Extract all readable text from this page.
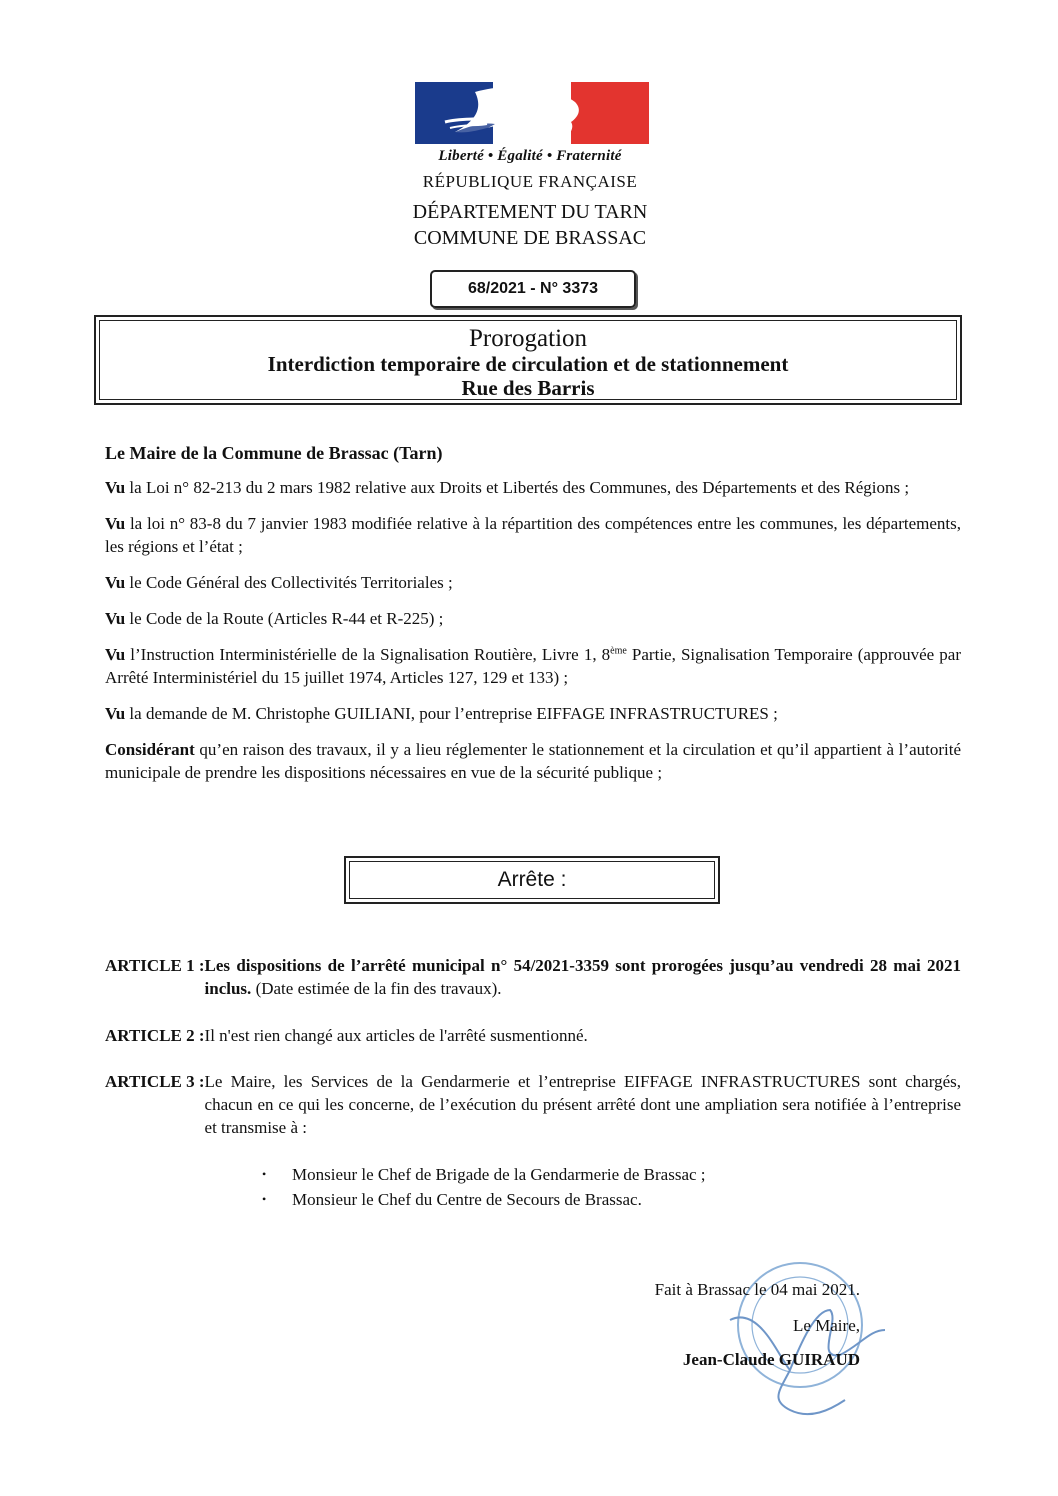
Liberté • Égalité • Fraternité
RÉPUBLIQUE FRANÇAISE
DÉPARTEMENT DU TARN
COMMUNE DE BRASSAC
68/2021 - N° 3373
Prorogation
Interdiction temporaire de circulation et de stationnement
Rue des Barris
Le Maire de la Commune de Brassac (Tarn)

Vu la Loi n° 82-213 du 2 mars 1982 relative aux Droits et Libertés des Communes, des Départements et des Régions ;

Vu la loi n° 83-8 du 7 janvier 1983 modifiée relative à la répartition des compétences entre les communes, les départements, les régions et l’état ;

Vu le Code Général des Collectivités Territoriales ;

Vu le Code de la Route (Articles R-44 et R-225) ;

Vu l’Instruction Interministérielle de la Signalisation Routière, Livre 1, 8ème Partie, Signalisation Temporaire (approuvée par Arrêté Interministériel du 15 juillet 1974, Articles 127, 129 et 133) ;

Vu la demande de M. Christophe GUILIANI, pour l’entreprise EIFFAGE INFRASTRUCTURES ;

Considérant qu’en raison des travaux, il y a lieu réglementer le stationnement et la circulation et qu’il appartient à l’autorité municipale de prendre les dispositions nécessaires en vue de la sécurité publique ;

Arrête :
ARTICLE 1 : Les dispositions de l’arrêté municipal n° 54/2021-3359 sont prorogées jusqu’au vendredi 28 mai 2021 inclus. (Date estimée de la fin des travaux).
ARTICLE 2 : Il n'est rien changé aux articles de l'arrêté susmentionné.
ARTICLE 3 : Le Maire, les Services de la Gendarmerie et l’entreprise EIFFAGE INFRASTRUCTURES sont chargés, chacun en ce qui les concerne, de l’exécution du présent arrêté dont une ampliation sera notifiée à l’entreprise et transmise à :
• Monsieur le Chef de Brigade de la Gendarmerie de Brassac ;
• Monsieur le Chef du Centre de Secours de Brassac.
Fait à Brassac le 04 mai 2021.
Le Maire,
Jean-Claude GUIRAUD
